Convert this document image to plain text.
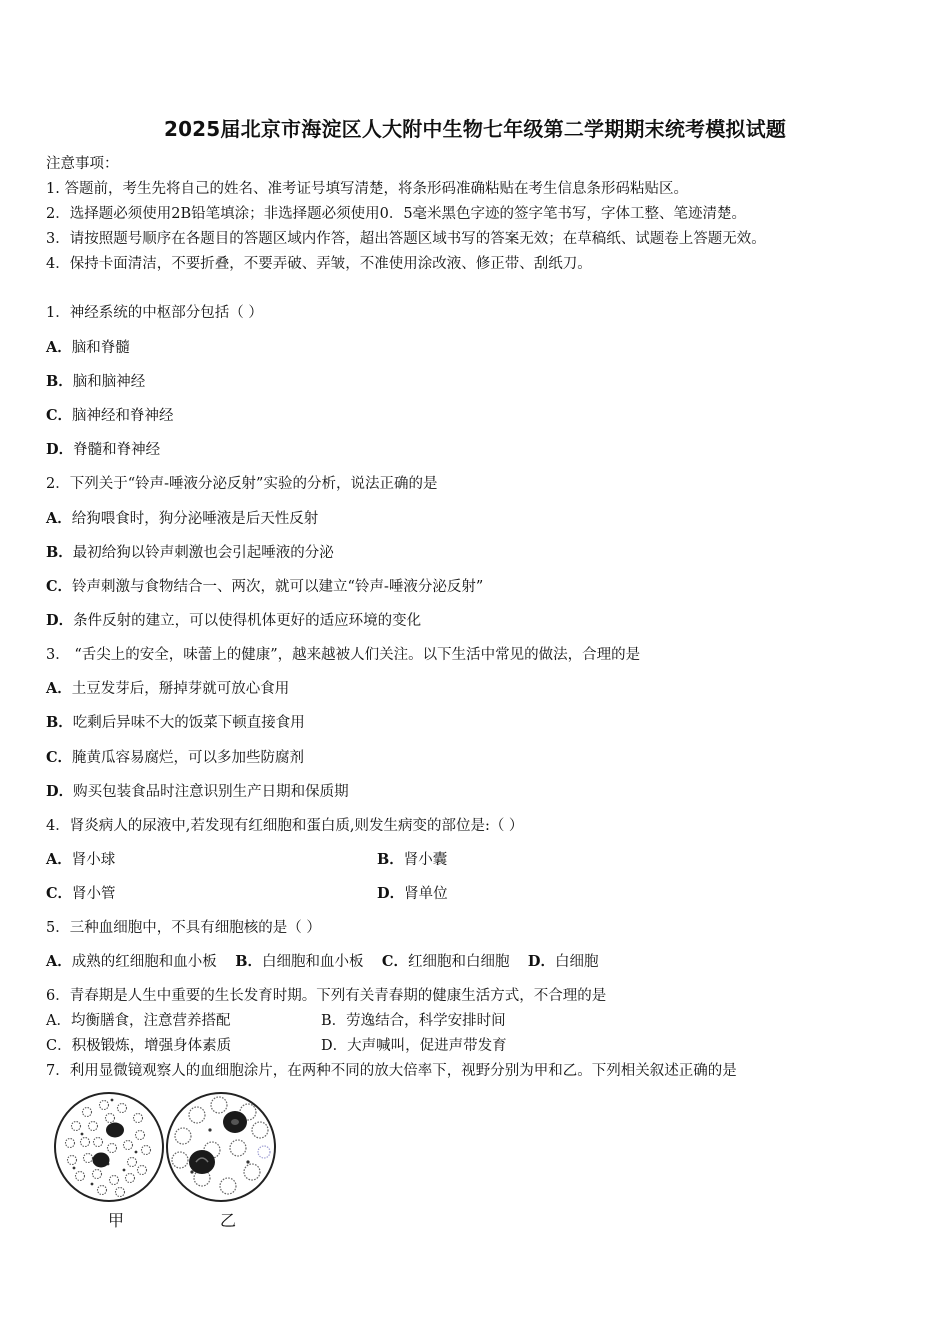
2025届北京市海淀区人大附中生物七年级第二学期期末统考模拟试题
注意事项：
1. 答题前，考生先将自己的姓名、准考证号填写清楚，将条形码准确粘贴在考生信息条形码粘贴区。
2．选择题必须使用2B铅笔填涂；非选择题必须使用0．5毫米黑色字迹的签字笔书写，字体工整、笔迹清楚。
3．请按照题号顺序在各题目的答题区域内作答，超出答题区域书写的答案无效；在草稿纸、试题卷上答题无效。
4．保持卡面清洁，不要折叠，不要弄破、弄皱，不准使用涂改液、修正带、刮纸刀。
1．神经系统的中枢部分包括（ ）
A．脑和脊髓
B．脑和脑神经
C．脑神经和脊神经
D．脊髓和脊神经
2．下列关于“铃声-唾液分泌反射”实验的分析，说法正确的是
A．给狗喂食时，狗分泌唾液是后天性反射
B．最初给狗以铃声刺激也会引起唾液的分泌
C．铃声刺激与食物结合一、两次，就可以建立“铃声-唾液分泌反射”
D．条件反射的建立，可以使得机体更好的适应环境的变化
3． “舌尖上的安全，味蕾上的健康”，越来越被人们关注。以下生活中常见的做法，合理的是
A．土豆发芽后，掰掉芽就可放心食用
B．吃剩后异味不大的饭菜下顿直接食用
C．腌黄瓜容易腐烂，可以多加些防腐剂
D．购买包装食品时注意识别生产日期和保质期
4．肾炎病人的尿液中,若发现有红细胞和蛋白质,则发生病变的部位是:（ ）
A．肾小球	B．肾小囊
C．肾小管	D．肾单位
5．三种血细胞中，不具有细胞核的是（ ）
A．成熟的红细胞和血小板 B．白细胞和血小板 C．红细胞和白细胞 D．白细胞
6．青春期是人生中重要的生长发育时期。下列有关青春期的健康生活方式，不合理的是
A．均衡膳食，注意营养搭配	B．劳逸结合，科学安排时间
C．积极锻炼，增强身体素质	D．大声喊叫，促进声带发育
7．利用显微镜观察人的血细胞涂片，在两种不同的放大倍率下，视野分别为甲和乙。下列相关叙述正确的是
甲	乙
